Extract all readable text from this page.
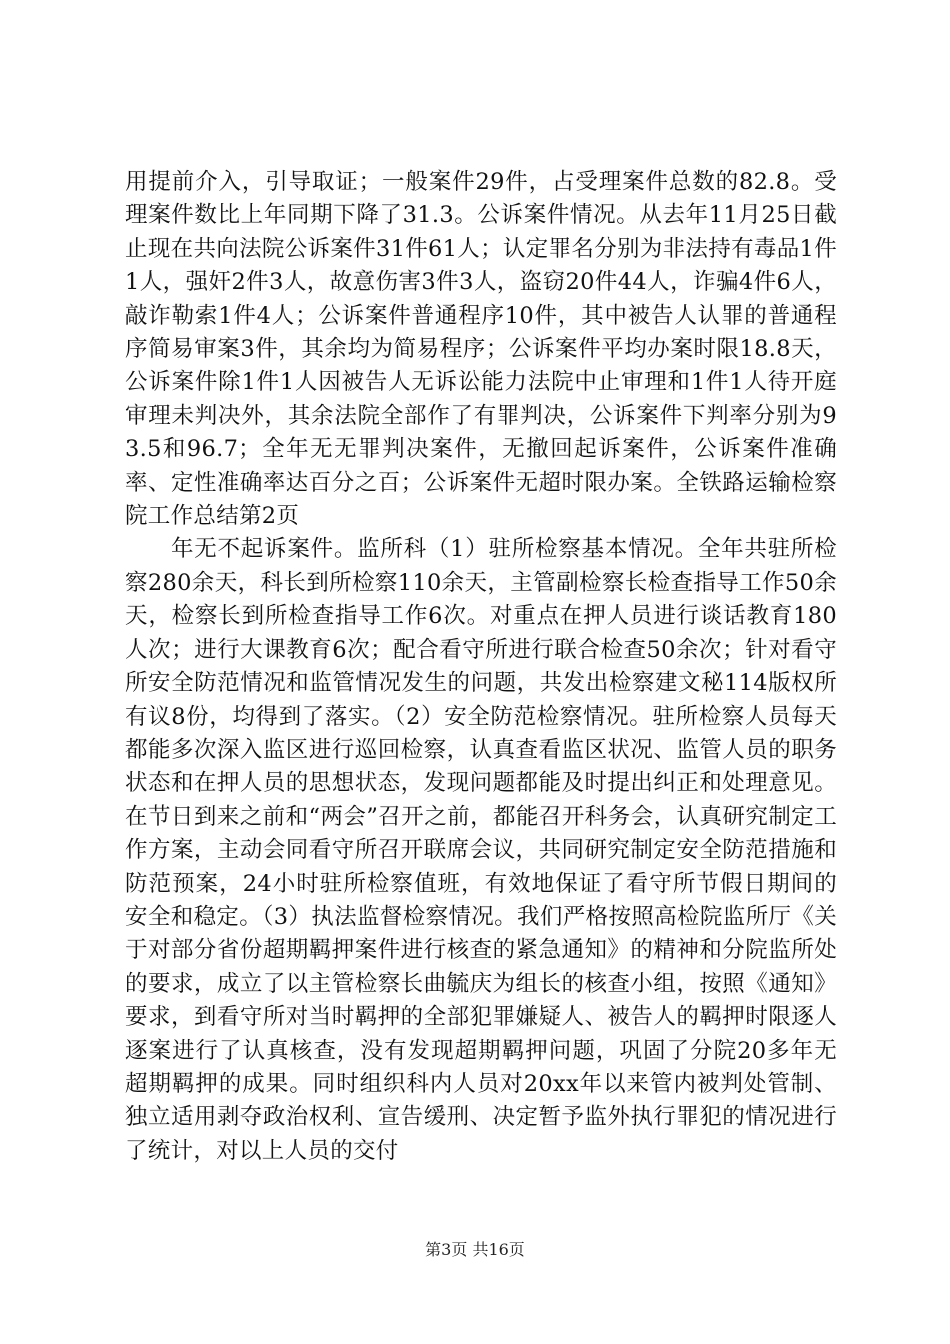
用提前介入，引导取证；一般案件29件，占受理案件总数的82.8。受理案件数比上年同期下降了31.3。公诉案件情况。从去年11月25日截止现在共向法院公诉案件31件61人；认定罪名分别为非法持有毒品1件1人，强奸2件3人，故意伤害3件3人，盗窃20件44人，诈骗4件6人，敲诈勒索1件4人；公诉案件普通程序10件，其中被告人认罪的普通程序简易审案3件，其余均为简易程序；公诉案件平均办案时限18.8天，公诉案件除1件1人因被告人无诉讼能力法院中止审理和1件1人待开庭审理未判决外，其余法院全部作了有罪判决，公诉案件下判率分别为93.5和96.7；全年无无罪判决案件，无撤回起诉案件，公诉案件准确率、定性准确率达百分之百；公诉案件无超时限办案。全铁路运输检察院工作总结第2页

年无不起诉案件。监所科（1）驻所检察基本情况。全年共驻所检察280余天，科长到所检察110余天，主管副检察长检查指导工作50余天，检察长到所检查指导工作6次。对重点在押人员进行谈话教育180人次；进行大课教育6次；配合看守所进行联合检查50余次；针对看守所安全防范情况和监管情况发生的问题，共发出检察建文秘114版权所有议8份，均得到了落实。（2）安全防范检察情况。驻所检察人员每天都能多次深入监区进行巡回检察，认真查看监区状况、监管人员的职务状态和在押人员的思想状态，发现问题都能及时提出纠正和处理意见。在节日到来之前和“两会”召开之前，都能召开科务会，认真研究制定工作方案，主动会同看守所召开联席会议，共同研究制定安全防范措施和防范预案，24小时驻所检察值班，有效地保证了看守所节假日期间的安全和稳定。（3）执法监督检察情况。我们严格按照高检院监所厅《关于对部分省份超期羁押案件进行核查的紧急通知》的精神和分院监所处的要求，成立了以主管检察长曲毓庆为组长的核查小组，按照《通知》要求，到看守所对当时羁押的全部犯罪嫌疑人、被告人的羁押时限逐人逐案进行了认真核查，没有发现超期羁押问题，巩固了分院20多年无超期羁押的成果。同时组织科内人员对20xx年以来管内被判处管制、独立适用剥夺政治权利、宣告缓刑、决定暂予监外执行罪犯的情况进行了统计，对以上人员的交付

第3页 共16页
